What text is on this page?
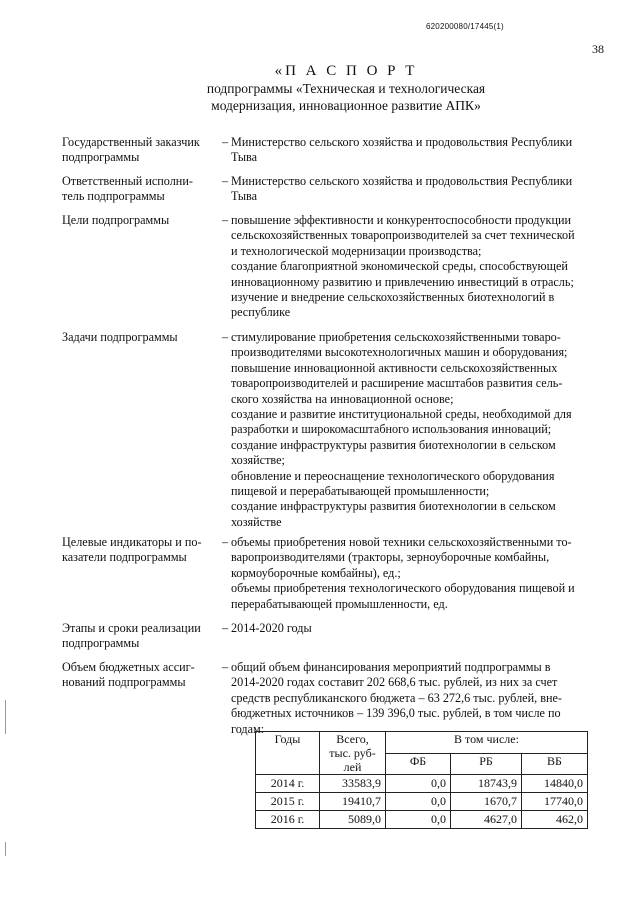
620200080/17445(1)
38
«П А С П О Р Т
подпрограммы «Техническая и технологическая
модернизация, инновационное развитие АПК»
Государственный заказчик
подпрограммы
– Министерство сельского хозяйства и продовольствия Республики

Тыва

Ответственный исполни-
тель подпрограммы
– Министерство сельского хозяйства и продовольствия Республики

Тыва

Цели подпрограммы	– повышение эффективности и конкурентоспособности продукции

сельскохозяйственных товаропроизводителей за счет технической

и технологической модернизации производства;

создание благоприятной экономической среды, способствующей

инновационному развитию и привлечению инвестиций в отрасль;

изучение и внедрение сельскохозяйственных биотехнологий в

республике

Задачи подпрограммы	– стимулирование приобретения сельскохозяйственными товаро-

производителями высокотехнологичных машин и оборудования;

повышение инновационной активности сельскохозяйственных

товаропроизводителей и расширение масштабов развития сель-

ского хозяйства на инновационной основе;

создание и развитие институциональной среды, необходимой для

разработки и широкомасштабного использования инноваций;

создание инфраструктуры развития биотехнологии в сельском

хозяйстве;

обновление и переоснащение технологического оборудования

пищевой и перерабатывающей промышленности;

создание инфраструктуры развития биотехнологии в сельском

хозяйстве

Целевые индикаторы и по-
казатели подпрограммы
– объемы приобретения новой техники сельскохозяйственными то-

варопроизводителями (тракторы, зерноуборочные комбайны,

кормоуборочные комбайны), ед.;

объемы приобретения технологического оборудования пищевой и

перерабатывающей промышленности, ед.

Этапы и сроки реализации
подпрограммы
– 2014-2020 годы

Объем бюджетных ассиг-
нований подпрограммы
– общий объем финансирования мероприятий подпрограммы в

2014-2020 годах составит 202 668,6 тыс. рублей, из них за счет

средств республиканского бюджета – 63 272,6 тыс. рублей, вне-

бюджетных источников – 139 396,0 тыс. рублей, в том числе по

годам:

Годы	Всего,
тыс. руб-
лей	В том числе:		
		ФБ	РБ	ВБ
2014 г.	33583,9	0,0	18743,9	14840,0
2015 г.	19410,7	0,0	1670,7	17740,0
2016 г.	5089,0	0,0	4627,0	462,0
